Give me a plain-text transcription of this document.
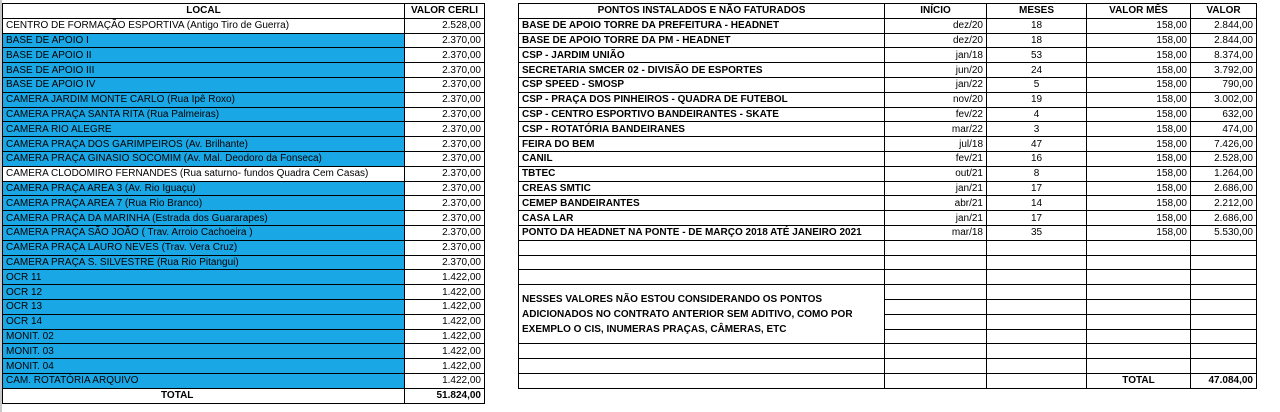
LOCAL	VALOR CERLI
CENTRO DE FORMAÇÃO ESPORTIVA (Antigo Tiro de Guerra)	2.528,00
BASE DE APOIO I	2.370,00
BASE DE APOIO II	2.370,00
BASE DE APOIO III	2.370,00
BASE DE APOIO IV	2.370,00
CAMERA JARDIM MONTE CARLO (Rua Ipê Roxo)	2.370,00
CAMERA PRAÇA SANTA RITA (Rua Palmeiras)	2.370,00
CAMERA RIO ALEGRE	2.370,00
CAMERA PRAÇA DOS GARIMPEIROS (Av. Brilhante)	2.370,00
CAMERA PRAÇA GINASIO SOCOMIM (Av. Mal. Deodoro da Fonseca)	2.370,00
CAMERA CLODOMIRO FERNANDES (Rua saturno- fundos Quadra Cem Casas)	2.370,00
CAMERA PRAÇA AREA 3 (Av. Rio Iguaçu)	2.370,00
CAMERA PRAÇA AREA 7 (Rua Rio Branco)	2.370,00
CAMERA PRAÇA DA MARINHA (Estrada dos Guararapes)	2.370,00
CAMERA PRAÇA SÃO JOÃO ( Trav. Arroio Cachoeira )	2.370,00
CAMERA PRAÇA LAURO NEVES (Trav. Vera Cruz)	2.370,00
CAMERA PRAÇA S. SILVESTRE (Rua Rio Pitangui)	2.370,00
OCR 11	1.422,00
OCR 12	1.422,00
OCR 13	1.422,00
OCR 14	1.422,00
MONIT. 02	1.422,00
MONIT. 03	1.422,00
MONIT. 04	1.422,00
CAM. ROTATÓRIA ARQUIVO	1.422,00
TOTAL	51.824,00
PONTOS INSTALADOS E NÃO FATURADOS	INÍCIO	MESES	VALOR MÊS	VALOR
BASE DE APOIO TORRE DA PREFEITURA - HEADNET	dez/20	18	158,00	2.844,00
BASE DE APOIO TORRE DA PM - HEADNET	dez/20	18	158,00	2.844,00
CSP - JARDIM UNIÃO	jan/18	53	158,00	8.374,00
SECRETARIA SMCER 02 - DIVISÃO DE ESPORTES	jun/20	24	158,00	3.792,00
CSP SPEED - SMOSP	jan/22	5	158,00	790,00
CSP - PRAÇA DOS PINHEIROS - QUADRA DE FUTEBOL	nov/20	19	158,00	3.002,00
CSP - CENTRO ESPORTIVO BANDEIRANTES - SKATE	fev/22	4	158,00	632,00
CSP - ROTATÓRIA BANDEIRANES	mar/22	3	158,00	474,00
FEIRA DO BEM	jul/18	47	158,00	7.426,00
CANIL	fev/21	16	158,00	2.528,00
TBTEC	out/21	8	158,00	1.264,00
CREAS SMTIC	jan/21	17	158,00	2.686,00
CEMEP BANDEIRANTES	abr/21	14	158,00	2.212,00
CASA LAR	jan/21	17	158,00	2.686,00
PONTO DA HEADNET NA PONTE - DE MARÇO 2018 ATÉ JANEIRO 2021	mar/18	35	158,00	5.530,00

NESSES VALORES NÃO ESTOU CONSIDERANDO OS PONTOS ADICIONADOS NO CONTRATO ANTERIOR SEM ADITIVO, COMO POR EXEMPLO O CIS, INUMERAS PRAÇAS, CÂMERAS, ETC				

			TOTAL	47.084,00
